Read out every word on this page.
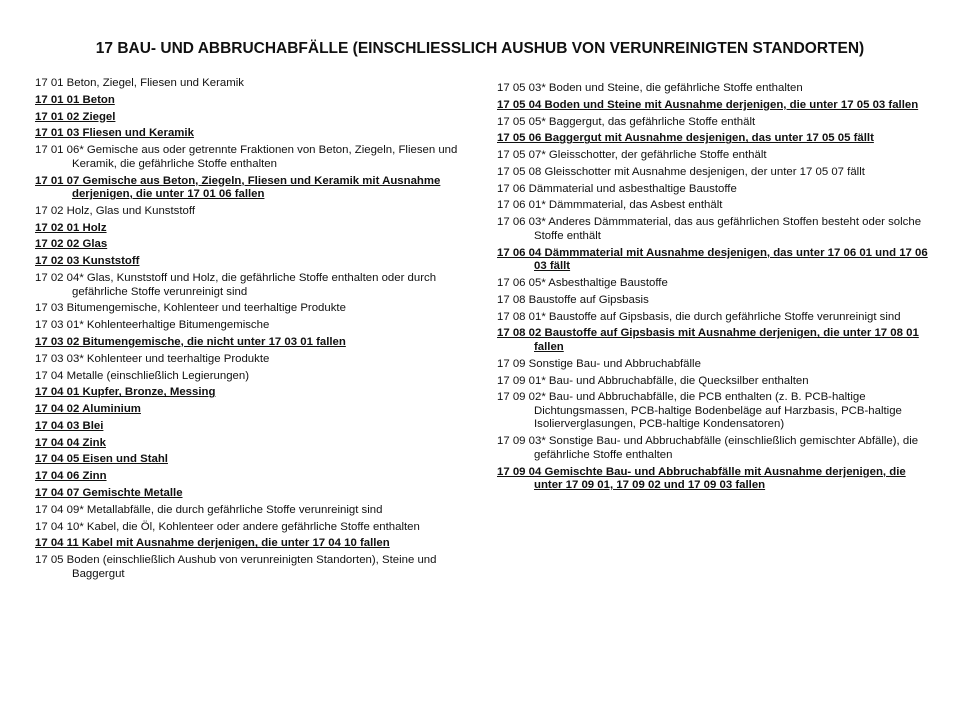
17 BAU- UND ABBRUCHABFÄLLE (EINSCHLIESSLICH AUSHUB VON VERUNREINIGTEN STANDORTEN)
17 01 Beton, Ziegel, Fliesen und Keramik
17 01 01 Beton
17 01 02 Ziegel
17 01 03 Fliesen und Keramik
17 01 06* Gemische aus oder getrennte Fraktionen von Beton, Ziegeln, Fliesen und Keramik, die gefährliche Stoffe enthalten
17 01 07 Gemische aus Beton, Ziegeln, Fliesen und Keramik mit Ausnahme derjenigen, die unter 17 01 06 fallen
17 02 Holz, Glas und Kunststoff
17 02 01 Holz
17 02 02 Glas
17 02 03 Kunststoff
17 02 04* Glas, Kunststoff und Holz, die gefährliche Stoffe enthalten oder durch gefährliche Stoffe verunreinigt sind
17 03 Bitumengemische, Kohlenteer und teerhaltige Produkte
17 03 01* Kohlenteerhaltige Bitumengemische
17 03 02 Bitumengemische, die nicht unter 17 03 01 fallen
17 03 03* Kohlenteer und teerhaltige Produkte
17 04 Metalle (einschließlich Legierungen)
17 04 01 Kupfer, Bronze, Messing
17 04 02 Aluminium
17 04 03 Blei
17 04 04 Zink
17 04 05 Eisen und Stahl
17 04 06 Zinn
17 04 07 Gemischte Metalle
17 04 09* Metallabfälle, die durch gefährliche Stoffe verunreinigt sind
17 04 10* Kabel, die Öl, Kohlenteer oder andere gefährliche Stoffe enthalten
17 04 11 Kabel mit Ausnahme derjenigen, die unter 17 04 10 fallen
17 05 Boden (einschließlich Aushub von verunreinigten Standorten), Steine und Baggergut
17 05 03* Boden und Steine, die gefährliche Stoffe enthalten
17 05 04 Boden und Steine mit Ausnahme derjenigen, die unter 17 05 03 fallen
17 05 05* Baggergut, das gefährliche Stoffe enthält
17 05 06 Baggergut mit Ausnahme desjenigen, das unter 17 05 05 fällt
17 05 07* Gleisschotter, der gefährliche Stoffe enthält
17 05 08 Gleisschotter mit Ausnahme desjenigen, der unter 17 05 07 fällt
17 06 Dämmaterial und asbesthaltige Baustoffe
17 06 01* Dämmmaterial, das Asbest enthält
17 06 03* Anderes Dämmmaterial, das aus gefährlichen Stoffen besteht oder solche Stoffe enthält
17 06 04 Dämmmaterial mit Ausnahme desjenigen, das unter 17 06 01 und 17 06 03 fällt
17 06 05* Asbesthaltige Baustoffe
17 08 Baustoffe auf Gipsbasis
17 08 01* Baustoffe auf Gipsbasis, die durch gefährliche Stoffe verunreinigt sind
17 08 02 Baustoffe auf Gipsbasis mit Ausnahme derjenigen, die unter 17 08 01 fallen
17 09 Sonstige Bau- und Abbruchabfälle
17 09 01* Bau- und Abbruchabfälle, die Quecksilber enthalten
17 09 02* Bau- und Abbruchabfälle, die PCB enthalten (z. B. PCB-haltige Dichtungsmassen, PCB-haltige Bodenbeläge auf Harzbasis, PCB-haltige Isolierverglasungen, PCB-haltige Kondensatoren)
17 09 03* Sonstige Bau- und Abbruchabfälle (einschließlich gemischter Abfälle), die gefährliche Stoffe enthalten
17 09 04 Gemischte Bau- und Abbruchabfälle mit Ausnahme derjenigen, die unter 17 09 01, 17 09 02 und 17 09 03 fallen
